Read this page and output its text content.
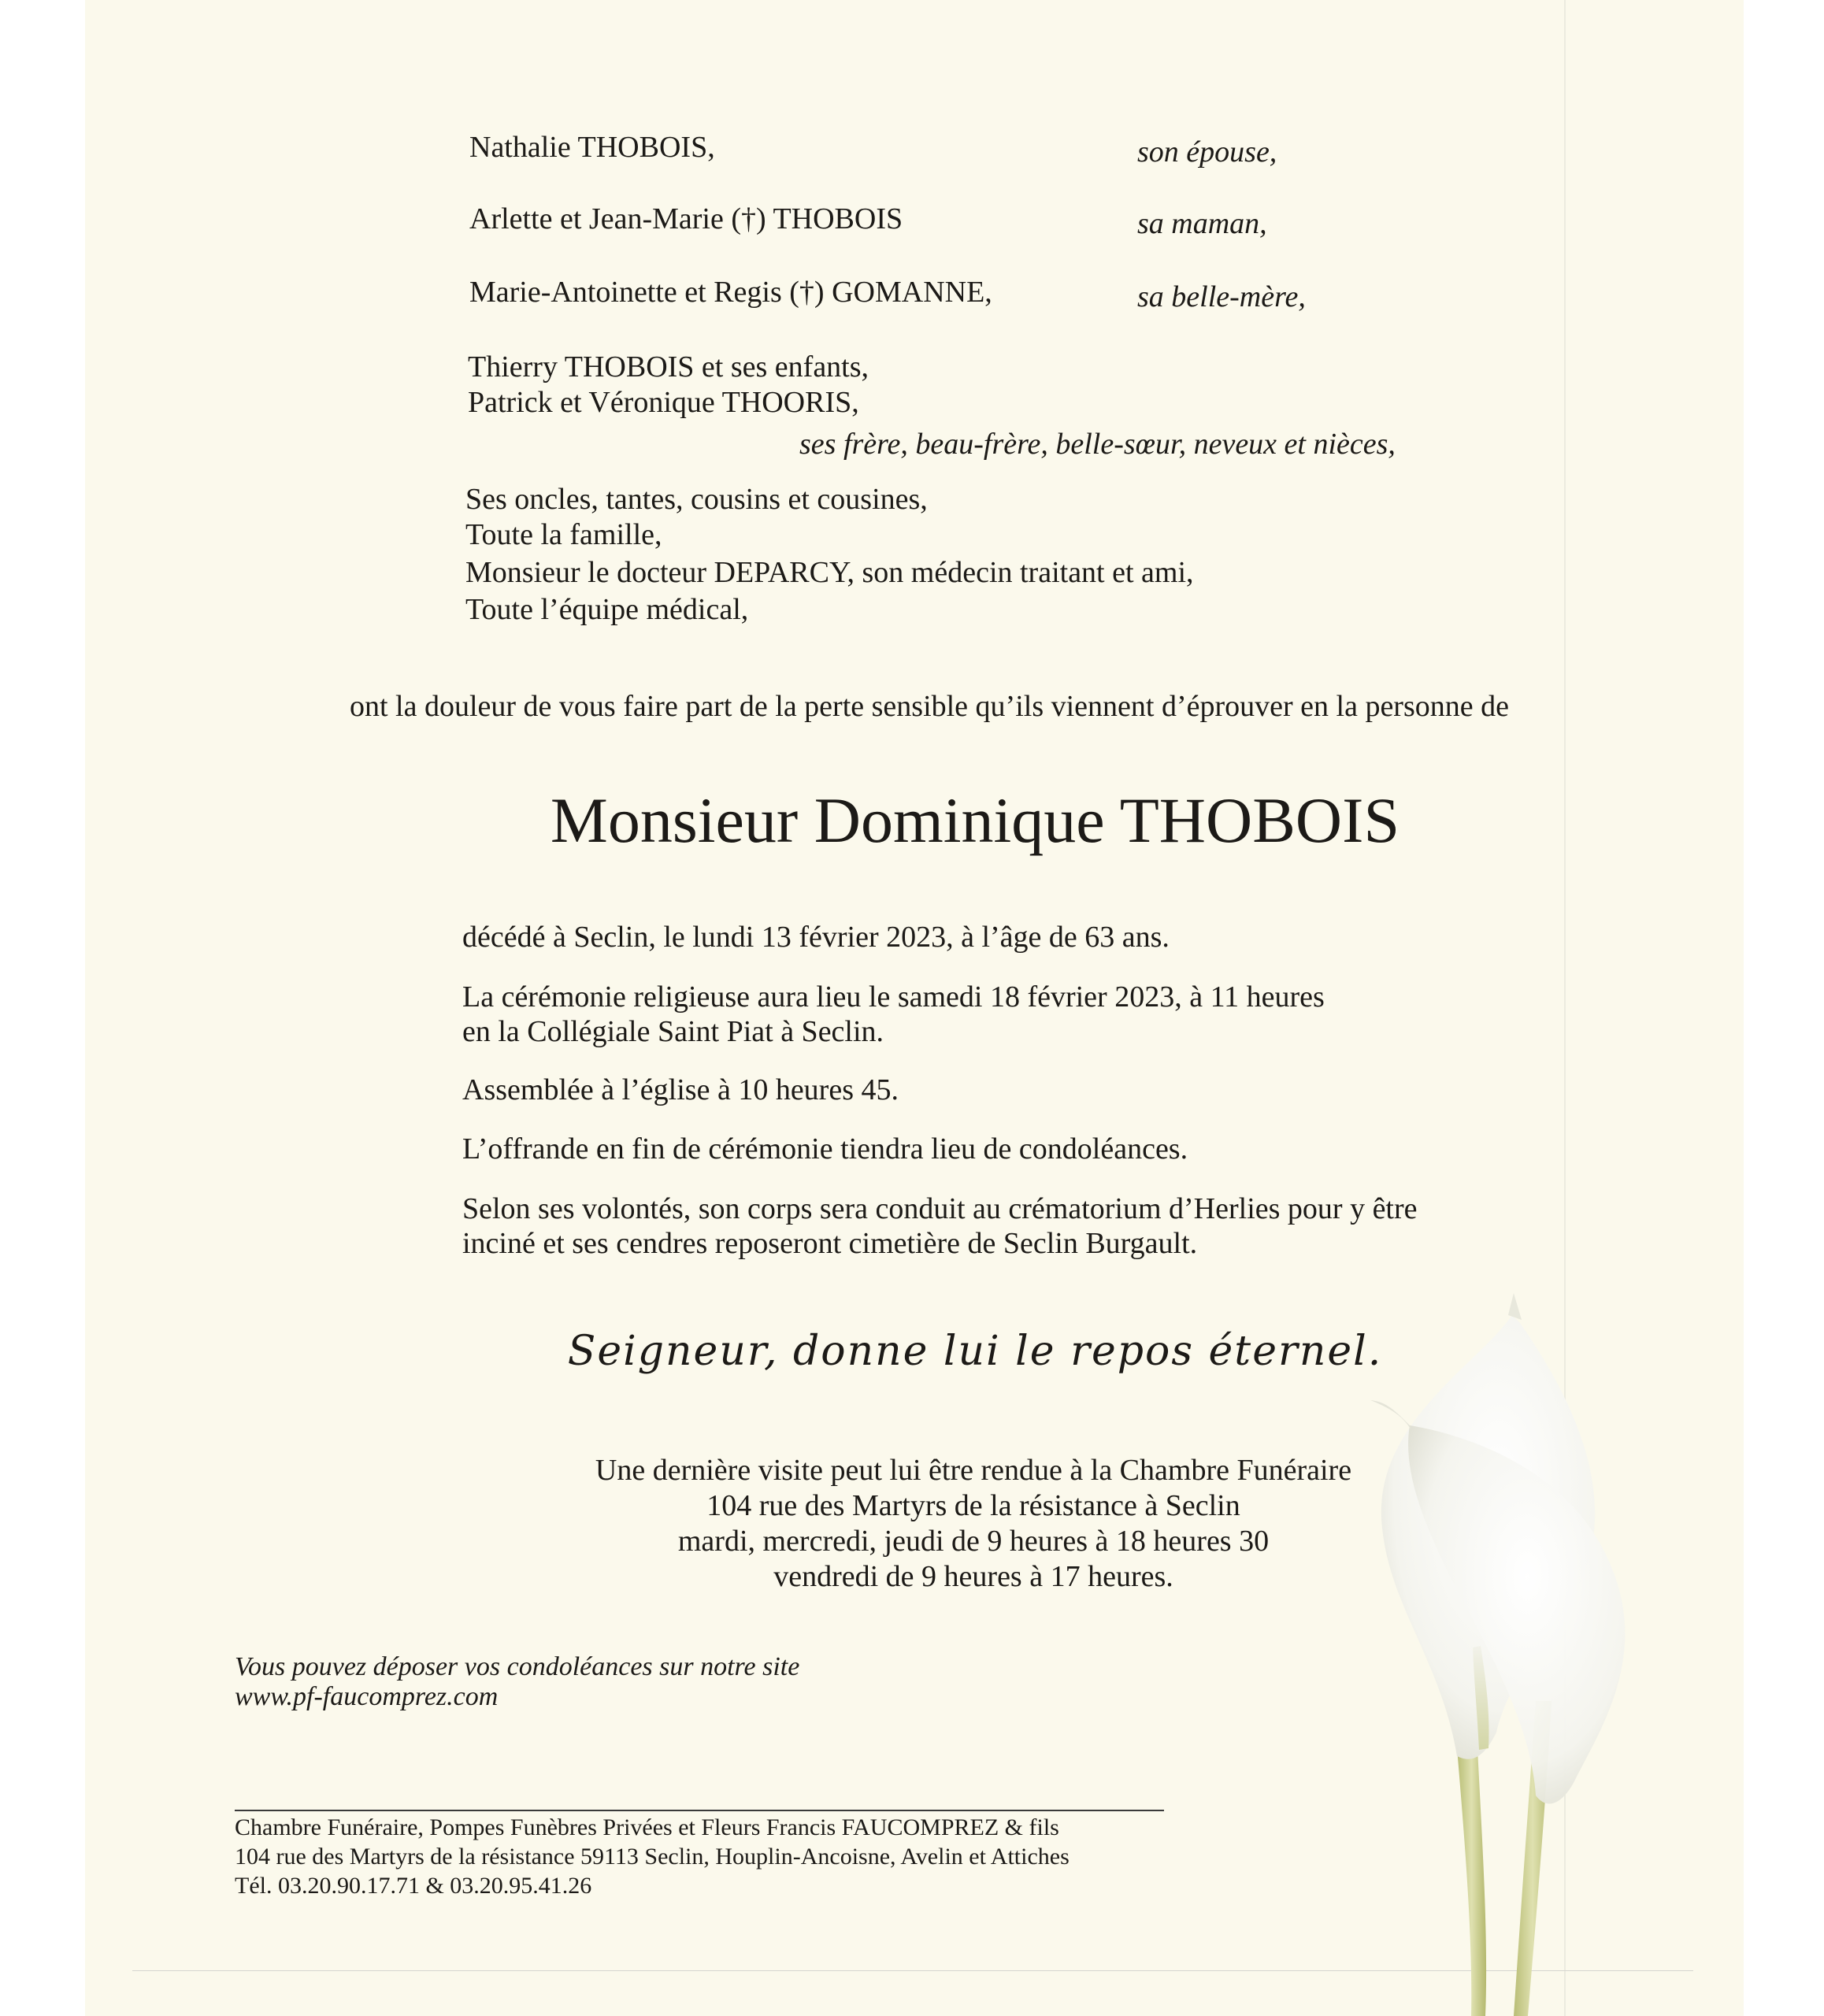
Nathalie THOBOIS,	son épouse,
Arlette et Jean-Marie (†) THOBOIS	sa maman,
Marie-Antoinette et Regis (†) GOMANNE,	sa belle-mère,
Thierry THOBOIS et ses enfants,
Patrick et Véronique THOORIS,
ses frère, beau-frère, belle-sœur, neveux et nièces,
Ses oncles, tantes, cousins et cousines,
Toute la famille,
Monsieur le docteur DEPARCY, son médecin traitant et ami,
Toute l’équipe médical,
ont la douleur de vous faire part de la perte sensible qu’ils viennent d’éprouver en la personne de
Monsieur Dominique THOBOIS
décédé à Seclin, le lundi 13 février 2023, à l’âge de 63 ans.
La cérémonie religieuse aura lieu le samedi 18 février 2023, à 11 heures
en la Collégiale Saint Piat à Seclin.
Assemblée à l’église à 10 heures 45.
L’offrande en fin de cérémonie tiendra lieu de condoléances.
Selon ses volontés, son corps sera conduit au crématorium d’Herlies pour y être
inciné et ses cendres reposeront cimetière de Seclin Burgault.
Seigneur, donne lui le repos éternel.
Une dernière visite peut lui être rendue à la Chambre Funéraire
104 rue des Martyrs de la résistance à Seclin
mardi, mercredi, jeudi de 9 heures à 18 heures 30
vendredi de 9 heures à 17 heures.
Vous pouvez déposer vos condoléances sur notre site
www.pf-faucomprez.com
Chambre Funéraire, Pompes Funèbres Privées et Fleurs Francis FAUCOMPREZ & fils
104 rue des Martyrs de la résistance 59113 Seclin, Houplin-Ancoisne, Avelin et Attiches
Tél. 03.20.90.17.71 & 03.20.95.41.26
